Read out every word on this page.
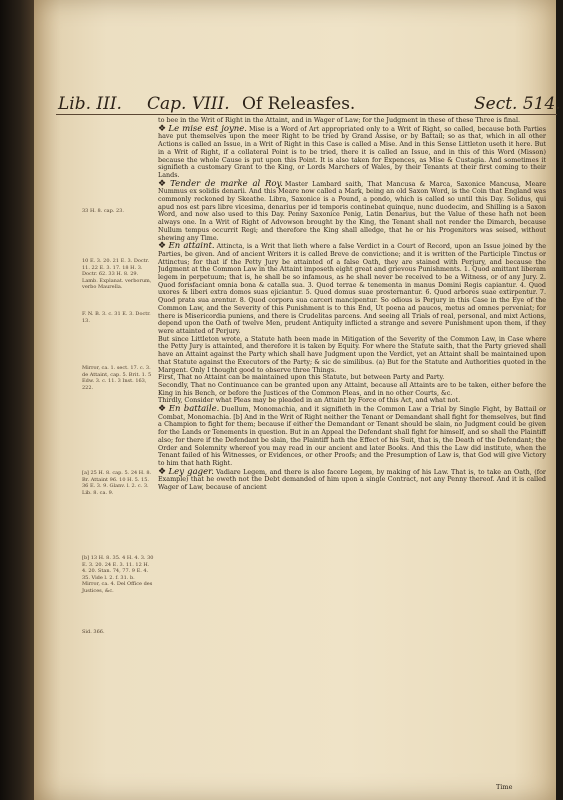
Lib. III. Cap. VIII. Of Releasfes.	Sect. 514.
33 H. 8. cap. 23.
10 E. 3. 20. 21 E. 3. Doctr. 11. 22 E. 3. 17. 18 H. 3. Doctr. 62. 33 H. 8. 29. Lamb. Explanat. verborum, verbo Maurella.
F. N. B. 3. c. 31 E. 3. Doctr. 13.
Mirror, ca. 1. sect. 17. c. 3. de Attaint, cap. 5. Brit. 1. 5 Edw. 3. c. 11. 3 Inst. 163, 222.
[a] 25 H. 8. cap. 5. 24 H. 8. Br. Attaint 96. 10 H. 5. 15. 36 E. 3. 9. Glanv. l. 2. c. 3. Lib. 8. ca. 9.
[b] 13 H. 8. 35. 4 H. 4. 3. 30 E. 3. 20. 24 E. 3. 11. 12 H. 4. 20. Stan. 74, 77. 9 E. 4. 35. Vide l. 2. f. 31. b. Mirror, ca. 4. Del Office des Justices, &c.
Sid. 366.

to bee in the Writ of Right in the Attaint, and in Wager of Law; for the Judgment in these of these Three is final.

❖ Le mise est joyne. Mise is a Word of Art appropriated only to a Writ of Right, so called, because both Parties have put themselves upon the meer Right to be tried by Grand Assise, or by Battail; so as that, which in all other Actions is called an Issue, in a Writ of Right in this Case is called a Mise. And in this Sense Littleton useth it here. But in a Writ of Right, if a collateral Point is to be tried, there it is called an Issue, and in this of this Word (Misson) because the whole Cause is put upon this Point. It is also taken for Expences, as Mise & Custagia. And sometimes it signifieth a customary Grant to the King, or Lords Marchers of Wales, by their Tenants at their first coming to their Lands.

❖ Tender de marke al Roy. Master Lambard saith, That Mancusa & Marca, Saxonice Mancusa, Meare Nummus ex solidis denarii. And this Meare now called a Mark, being an old Saxon Word, is the Coin that England was commonly reckoned by Skeathe. Libra, Saxonice is a Pound, a pondo, which is called so until this Day. Solidus, qui apud nos est pars libre vicesima, denarius per id temporis continebat quinque, nunc duodecim, and Shilling is a Saxon Word, and now also used to this Day. Penny Saxonice Penig, Latin Denarius, but the Value of these hath not been always one. In a Writ of Right of Advowson brought by the King, the Tenant shall not render the Dimarch, because Nullum tempus occurrit Regi; and therefore the King shall alledge, that he or his Progenitors was seised, without shewing any Time.

❖ En attaint. Attincta, is a Writ that lieth where a false Verdict in a Court of Record, upon an Issue joined by the Parties, be given. And of ancient Writers it is called Breve de convictione; and it is written of the Participle Tinctus or Attinctus; for that if the Petty Jury be attainted of a false Oath, they are stained with Perjury, and because the Judgment at the Common Law in the Attaint imposeth eight great and grievous Punishments. 1. Quod amittant liberam legem in perpetuum; that is, he shall be so infamous, as he shall never be received to be a Witness, or of any Jury. 2. Quod forisfaciant omnia bona & catalla sua. 3. Quod terrae & tenementa in manus Domini Regis capiantur. 4. Quod uxores & liberi extra domos suas ejiciantur. 5. Quod domus suae prosternantur. 6. Quod arbores suae extirpentur. 7. Quod prata sua arentur. 8. Quod corpora sua carceri mancipentur. So odious is Perjury in this Case in the Eye of the Common Law, and the Severity of this Punishment is to this End, Ut poena ad paucos, metus ad omnes perveniat; for there is Misericordia puniens, and there is Crudelitas parcens. And seeing all Trials of real, personal, and mixt Actions, depend upon the Oath of twelve Men, prudent Antiquity inflicted a strange and severe Punishment upon them, if they were attainted of Perjury.

But since Littleton wrote, a Statute hath been made in Mitigation of the Severity of the Common Law, in Case where the Petty Jury is attainted, and therefore it is taken by Equity. For where the Statute saith, that the Party grieved shall have an Attaint against the Party which shall have Judgment upon the Verdict, yet an Attaint shall be maintained upon that Statute against the Executors of the Party; & sic de similibus. (a) But for the Statute and Authorities quoted in the Margent. Only I thought good to observe three Things.

First, That no Attaint can be maintained upon this Statute, but between Party and Party.

Secondly, That no Continuance can be granted upon any Attaint, because all Attaints are to be taken, either before the King in his Bench, or before the Justices of the Common Pleas, and in no other Courts, &c.

Thirdly, Consider what Pleas may be pleaded in an Attaint by Force of this Act, and what not.

❖ En battaile. Duellum, Monomachia, and it signifieth in the Common Law a Trial by Single Fight, by Battail or Combat, Monomachia. [b] And in the Writ of Right neither the Tenant or Demandant shall fight for themselves, but find a Champion to fight for them; because if either the Demandant or Tenant should be slain, no Judgment could be given for the Lands or Tenements in question. But in an Appeal the Defendant shall fight for himself, and so shall the Plaintiff also; for there if the Defendant be slain, the Plaintiff hath the Effect of his Suit, that is, the Death of the Defendant; the Order and Solemnity whereof you may read in our ancient and later Books. And this the Law did institute, when the Tenant failed of his Witnesses, or Evidences, or other Proofs; and the Presumption of Law is, that God will give Victory to him that hath Right.

❖ Ley gager. Vadiare Legem, and there is also facere Legem, by making of his Law. That is, to take an Oath, (for Example) that he oweth not the Debt demanded of him upon a single Contract, not any Penny thereof. And it is called Wager of Law, because of ancient

Time
